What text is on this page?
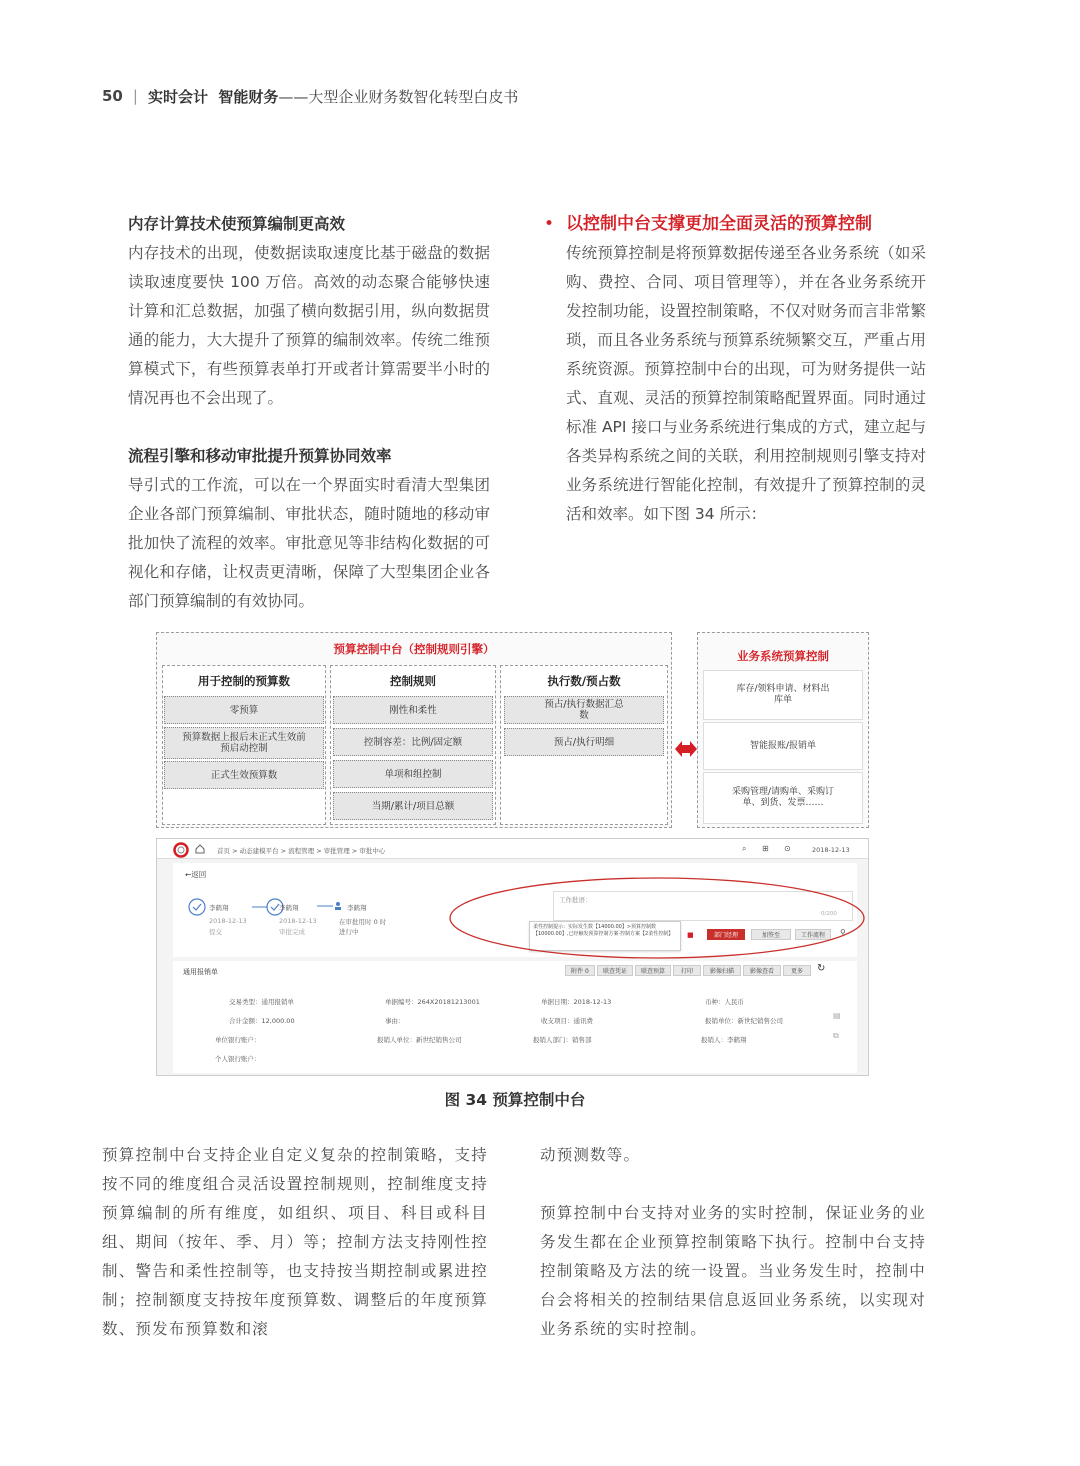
50 | 实时会计  智能财务 ——大型企业财务数智化转型白皮书
内存计算技术使预算编制更高效

内存技术的出现，使数据读取速度比基于磁盘的数据读取速度要快 100 万倍。高效的动态聚合能够快速计算和汇总数据，加强了横向数据引用，纵向数据贯通的能力，大大提升了预算的编制效率。传统二维预算模式下，有些预算表单打开或者计算需要半小时的情况再也不会出现了。

流程引擎和移动审批提升预算协同效率

导引式的工作流，可以在一个界面实时看清大型集团企业各部门预算编制、审批状态，随时随地的移动审批加快了流程的效率。审批意见等非结构化数据的可视化和存储，让权责更清晰，保障了大型集团企业各部门预算编制的有效协同。

• 以控制中台支撑更加全面灵活的预算控制

传统预算控制是将预算数据传递至各业务系统（如采购、费控、合同、项目管理等），并在各业务系统开发控制功能，设置控制策略，不仅对财务而言非常繁琐，而且各业务系统与预算系统频繁交互，严重占用系统资源。预算控制中台的出现，可为财务提供一站式、直观、灵活的预算控制策略配置界面。同时通过标准 API 接口与业务系统进行集成的方式，建立起与各类异构系统之间的关联，利用控制规则引擎支持对业务系统进行智能化控制，有效提升了预算控制的灵活和效率。如下图 34 所示：

预算控制中台（控制规则引擎）
用于控制的预算数
零预算
预算数据上报后未正式生效前预启动控制
正式生效预算数
控制规则
刚性和柔性
控制容差：比例/固定额
单项和组控制
当期/累计/项目总额
执行数/预占数
预占/执行数据汇总数
预占/执行明细
业务系统预算控制
库存/领料申请、材料出库单
智能报账/报销单
采购管理/请购单、采购订单、到货、发票……
首页 > 动态建模平台 > 流程管理 > 审批管理 > 审批中心	⌕ ⊞ ⊙	2018-12-13
←返回
李鹤翔
2018-12-13
提交
李鹤翔
2018-12-13
审批完成
李鹤翔
在审批用时 0 时
进行中
工作批语：
0/200
柔性控制提示：实际发生数【14000.00】>预算控制数【10000.00】,已经触发预算控制方案·控制方案【2柔性控制】	■	部门经理	加签至	工作流程	⚲
通用报销单	附件 0	联查凭证	联查预算	打印	影像扫描	影像查看	更多	↻
交易类型：通用报销单	单据编号：264X20181213001	单据日期：2018-12-13	币种：人民币
合计金额：12,000.00	事由：	收支项目：通讯费	报销单位：新世纪销售公司
单位银行账户：	报销人单位：新世纪销售公司	报销人部门：销售部	报销人：李鹤翔
个人银行账户：
▤
⧉
图 34 预算控制中台
预算控制中台支持企业自定义复杂的控制策略，支持按不同的维度组合灵活设置控制规则，控制维度支持预算编制的所有维度，如组织、项目、科目或科目组、期间（按年、季、月）等；控制方法支持刚性控制、警告和柔性控制等，也支持按当期控制或累进控制；控制额度支持按年度预算数、调整后的年度预算数、预发布预算数和滚

动预测数等。

预算控制中台支持对业务的实时控制，保证业务的业务发生都在企业预算控制策略下执行。控制中台支持控制策略及方法的统一设置。当业务发生时，控制中台会将相关的控制结果信息返回业务系统，以实现对业务系统的实时控制。
